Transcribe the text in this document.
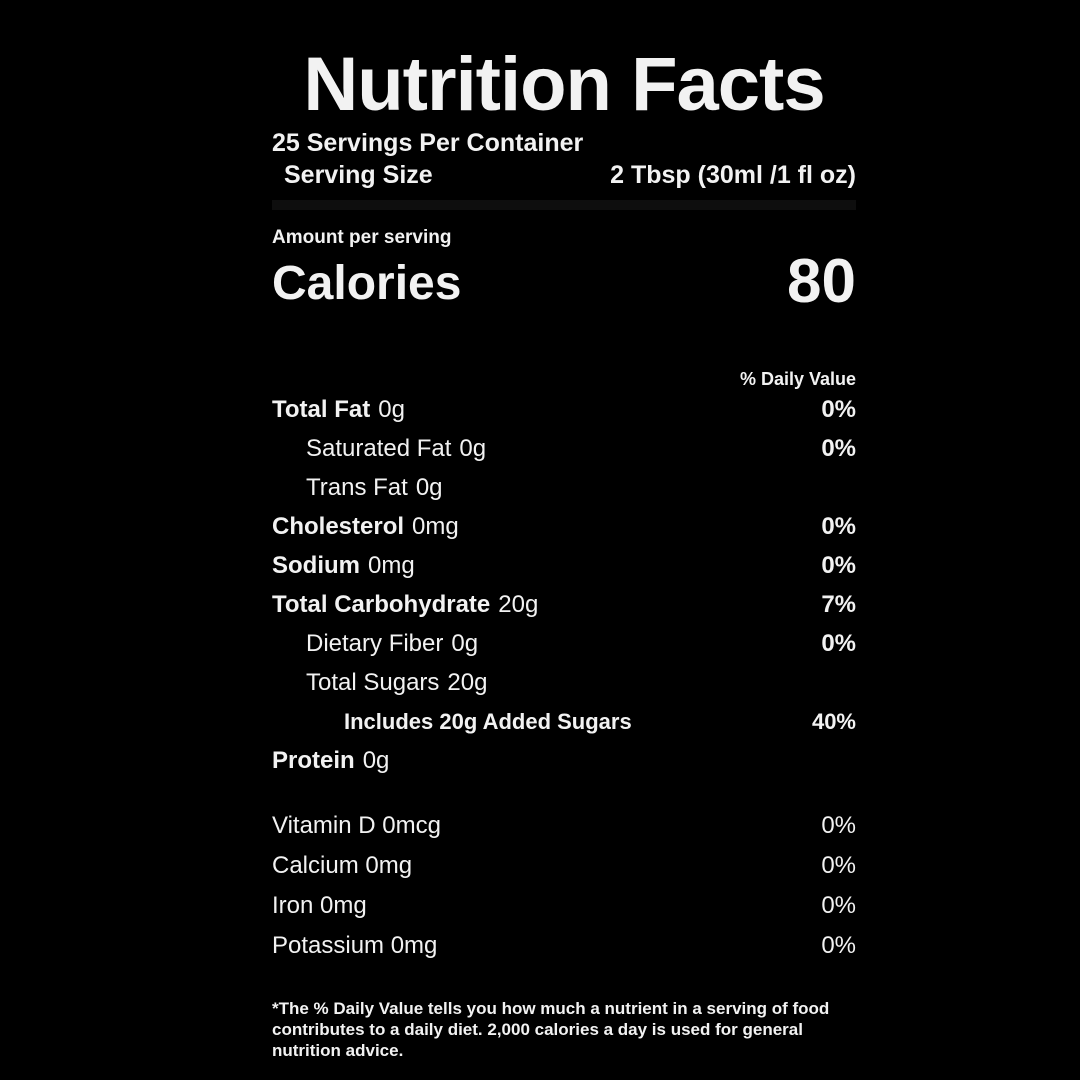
Nutrition Facts
25 Servings Per Container
Serving Size	2 Tbsp (30ml /1 fl oz)
Amount per serving
Calories	80
% Daily Value
Total Fat 0g	0%
Saturated Fat 0g	0%
Trans Fat 0g
Cholesterol 0mg	0%
Sodium 0mg	0%
Total Carbohydrate 20g	7%
Dietary Fiber 0g	0%
Total Sugars 20g
Includes 20g Added Sugars	40%
Protein 0g
Vitamin D 0mcg	0%
Calcium 0mg	0%
Iron 0mg	0%
Potassium 0mg	0%
*The % Daily Value tells you how much a nutrient in a serving of food contributes to a daily diet. 2,000 calories a day is used for general nutrition advice.
